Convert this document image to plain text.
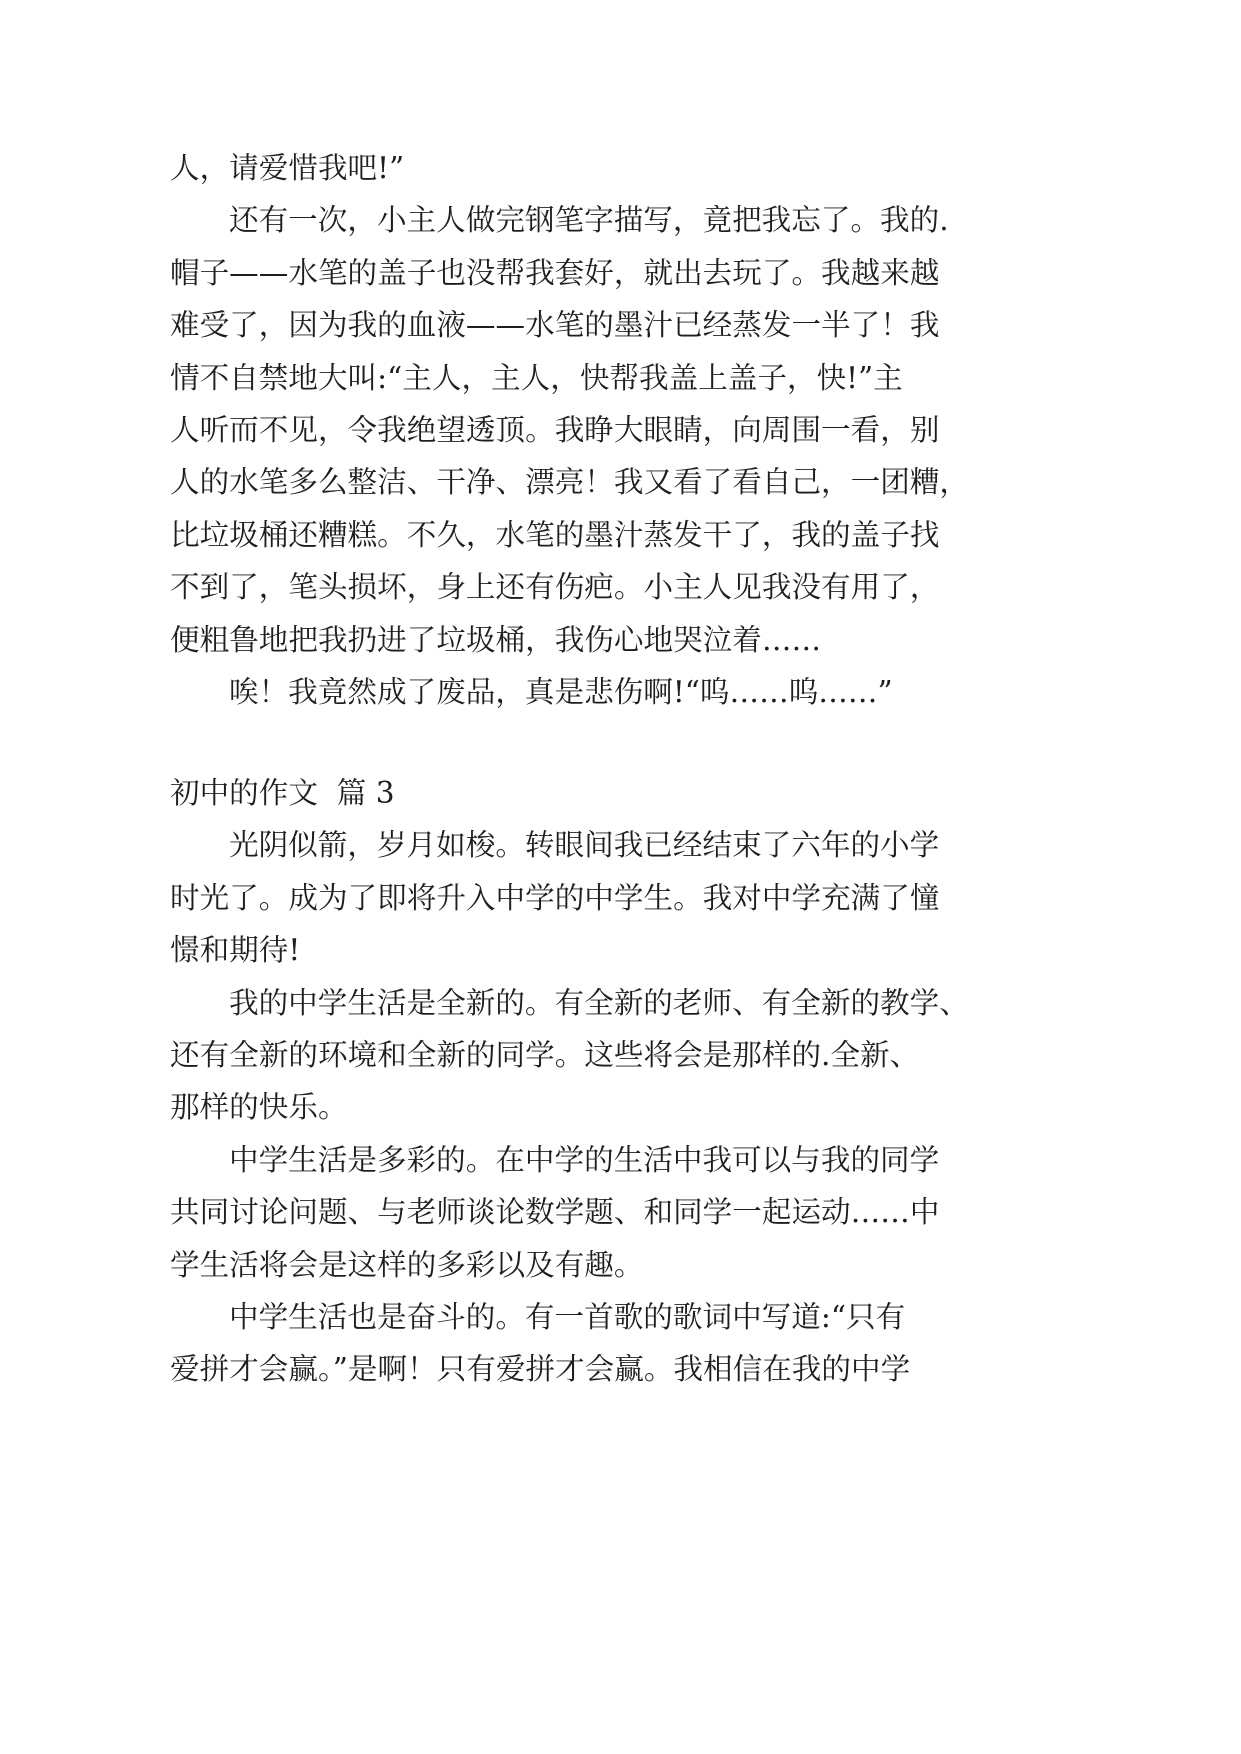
人，请爱惜我吧!”
还有一次，小主人做完钢笔字描写，竟把我忘了。我的.
帽子——水笔的盖子也没帮我套好，就出去玩了。我越来越
难受了，因为我的血液——水笔的墨汁已经蒸发一半了！我
情不自禁地大叫:“主人，主人，快帮我盖上盖子，快!”主
人听而不见，令我绝望透顶。我睁大眼睛，向周围一看，别
人的水笔多么整洁、干净、漂亮！我又看了看自己，一团糟，
比垃圾桶还糟糕。不久，水笔的墨汁蒸发干了，我的盖子找
不到了，笔头损坏，身上还有伤疤。小主人见我没有用了，
便粗鲁地把我扔进了垃圾桶，我伤心地哭泣着……
唉！我竟然成了废品，真是悲伤啊!“呜……呜……”
初中的作文  篇 3
光阴似箭，岁月如梭。转眼间我已经结束了六年的小学
时光了。成为了即将升入中学的中学生。我对中学充满了憧
憬和期待!
我的中学生活是全新的。有全新的老师、有全新的教学、
还有全新的环境和全新的同学。这些将会是那样的.全新、
那样的快乐。
中学生活是多彩的。在中学的生活中我可以与我的同学
共同讨论问题、与老师谈论数学题、和同学一起运动……中
学生活将会是这样的多彩以及有趣。
中学生活也是奋斗的。有一首歌的歌词中写道:“只有
爱拼才会赢。”是啊！只有爱拼才会赢。我相信在我的中学
